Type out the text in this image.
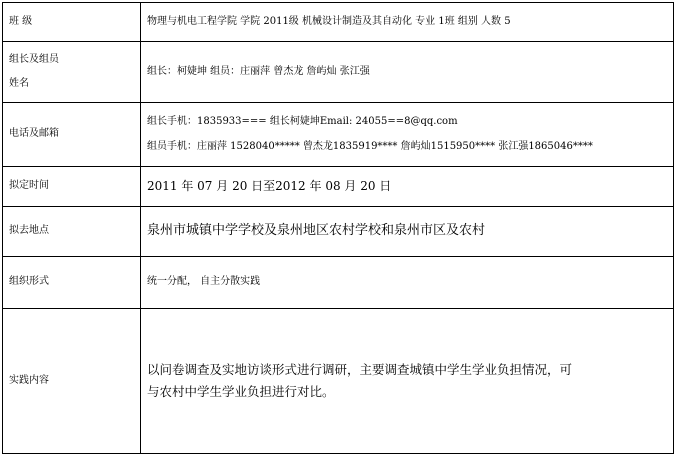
班 级	物理与机电工程学院 学院 2011级 机械设计制造及其自动化 专业 1班 组别 人数 5

组长及组员
姓名	组长：柯婕坤 组员：庄丽萍 曾杰龙 詹屿灿 张江强
电话及邮箱	组长手机：1835933=== 组长柯婕坤Email: 24055==8@qq.com
组员手机：庄丽萍 1528040***** 曾杰龙1835919**** 詹屿灿1515950**** 张江强1865046****

拟定时间	2011 年 07 月 20 日至2012 年 08 月 20 日
拟去地点	泉州市城镇中学学校及泉州地区农村学校和泉州市区及农村
组织形式	统一分配， 自主分散实践
实践内容	以问卷调查及实地访谈形式进行调研，主要调查城镇中学生学业负担情况，可
与农村中学生学业负担进行对比。
